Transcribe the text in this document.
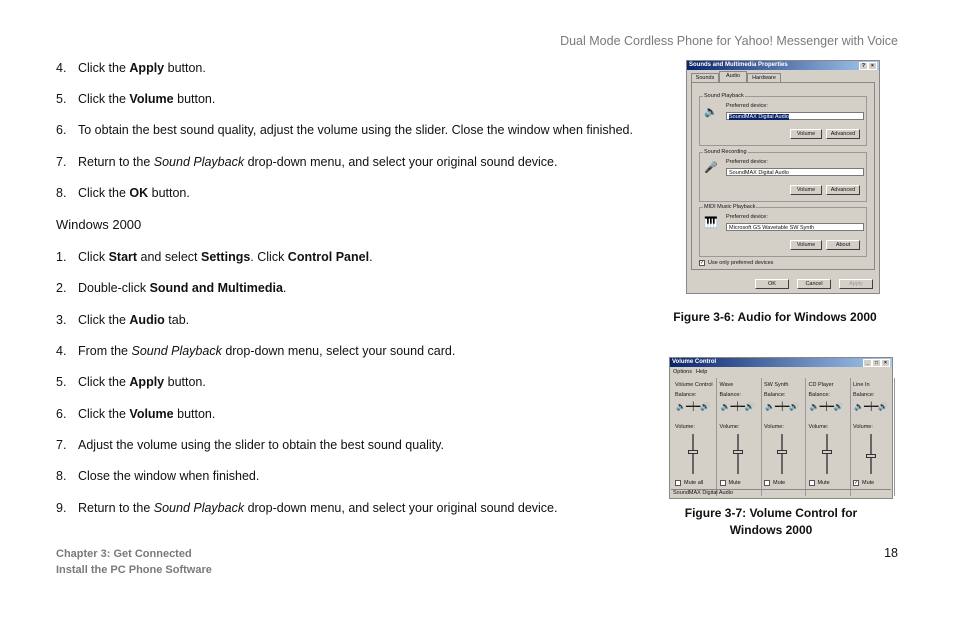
Dual Mode Cordless Phone for Yahoo! Messenger with Voice
4. Click the Apply button.
5. Click the Volume button.
6. To obtain the best sound quality, adjust the volume using the slider. Close the window when finished.
7. Return to the Sound Playback drop-down menu, and select your original sound device.
8. Click the OK button.
Windows 2000
1. Click Start and select Settings. Click Control Panel.
2. Double-click Sound and Multimedia.
3. Click the Audio tab.
4. From the Sound Playback drop-down menu, select your sound card.
5. Click the Apply button.
6. Click the Volume button.
7. Adjust the volume using the slider to obtain the best sound quality.
8. Close the window when finished.
9. Return to the Sound Playback drop-down menu, and select your original sound device.
Sounds and Multimedia Properties	?	×
Sounds	Audio	Hardware
Sound Playback
🔈 Preferred device:
SoundMAX Digital Audio
Volume	Advanced
Sound Recording
🎤 Preferred device:
SoundMAX Digital Audio
Volume	Advanced
MIDI Music Playback
🎹 Preferred device:
Microsoft GS Wavetable SW Synth
Volume	About
✓ Use only preferred devices
OK	Cancel	Apply
Figure 3-6: Audio for Windows 2000
Volume Control	_	□	×
Options Help
Volume Control
Balance:
🔈━┿━🔊
Volume:
Mute all
Wave
Balance:
🔈━┿━🔊
Volume:
Mute
SW Synth
Balance:
🔈━┿━🔊
Volume:
Mute
CD Player
Balance:
🔈━┿━🔊
Volume:
Mute
Line In
Balance:
🔈━┿━🔊
Volume:
✓ Mute
SoundMAX Digital Audio
Figure 3-7: Volume Control for
Windows 2000
Chapter 3: Get Connected
Install the PC Phone Software
18
